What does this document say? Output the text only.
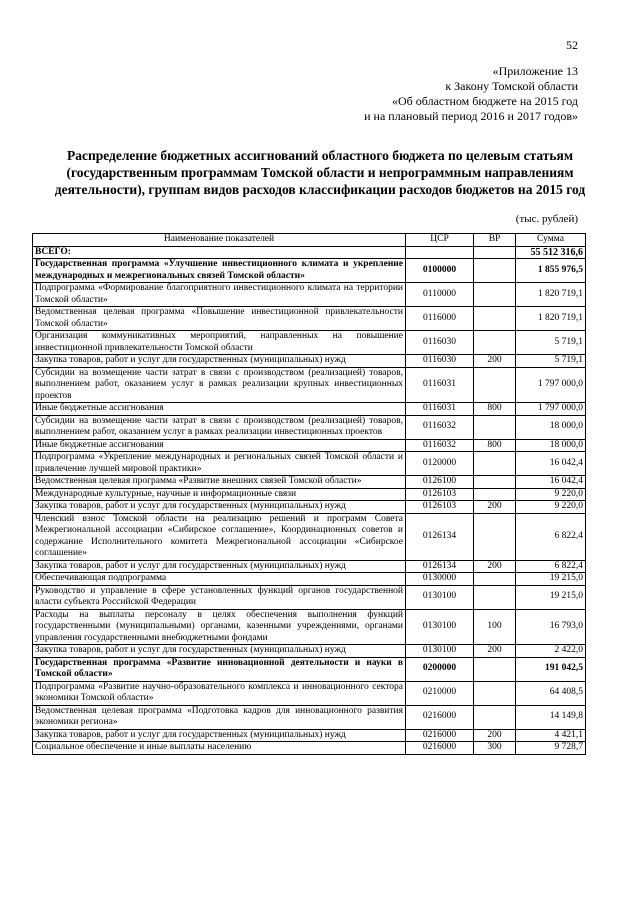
52
«Приложение 13
к Закону Томской области
«Об областном бюджете на 2015 год
и на плановый период 2016 и 2017 годов»
Распределение бюджетных ассигнований областного бюджета по целевым статьям (государственным программам Томской области и непрограммным направлениям деятельности), группам видов расходов классификации расходов бюджетов на 2015 год
(тыс. рублей)
Наименование показателей	ЦСР	ВР	Сумма
ВСЕГО:			55 512 316,6
Государственная программа «Улучшение инвестиционного климата и укрепление международных и межрегиональных связей Томской области»	0100000		1 855 976,5
Подпрограмма «Формирование благоприятного инвестиционного климата на территории Томской области»	0110000		1 820 719,1
Ведомственная целевая программа «Повышение инвестиционной привлекательности Томской области»	0116000		1 820 719,1
Организация коммуникативных мероприятий, направленных на повышение инвестиционной привлекательности Томской области	0116030		5 719,1
Закупка товаров, работ и услуг для государственных (муниципальных) нужд	0116030	200	5 719,1
Субсидии на возмещение части затрат в связи с производством (реализацией) товаров, выполнением работ, оказанием услуг в рамках реализации крупных инвестиционных проектов	0116031		1 797 000,0
Иные бюджетные ассигнования	0116031	800	1 797 000,0
Субсидии на возмещение части затрат в связи с производством (реализацией) товаров, выполнением работ, оказанием услуг в рамках реализации инвестиционных проектов	0116032		18 000,0
Иные бюджетные ассигнования	0116032	800	18 000,0
Подпрограмма «Укрепление международных и региональных связей Томской области и привлечение лучшей мировой практики»	0120000		16 042,4
Ведомственная целевая программа «Развитие внешних связей Томской области»	0126100		16 042,4
Международные культурные, научные и информационные связи	0126103		9 220,0
Закупка товаров, работ и услуг для государственных (муниципальных) нужд	0126103	200	9 220,0
Членский взнос Томской области на реализацию решений и программ Совета Межрегиональной ассоциации «Сибирское соглашение», Координационных советов и содержание Исполнительного комитета Межрегиональной ассоциации «Сибирское соглашение»	0126134		6 822,4
Закупка товаров, работ и услуг для государственных (муниципальных) нужд	0126134	200	6 822,4
Обеспечивающая подпрограмма	0130000		19 215,0
Руководство и управление в сфере установленных функций органов государственной власти субъекта Российской Федерации	0130100		19 215,0
Расходы на выплаты персоналу в целях обеспечения выполнения функций государственными (муниципальными) органами, казенными учреждениями, органами управления государственными внебюджетными фондами	0130100	100	16 793,0
Закупка товаров, работ и услуг для государственных (муниципальных) нужд	0130100	200	2 422,0
Государственная программа «Развитие инновационной деятельности и науки в Томской области»	0200000		191 042,5
Подпрограмма «Развитие научно-образовательного комплекса и инновационного сектора экономики Томской области»	0210000		64 408,5
Ведомственная целевая программа «Подготовка кадров для инновационного развития экономики региона»	0216000		14 149,8
Закупка товаров, работ и услуг для государственных (муниципальных) нужд	0216000	200	4 421,1
Социальное обеспечение и иные выплаты населению	0216000	300	9 728,7
